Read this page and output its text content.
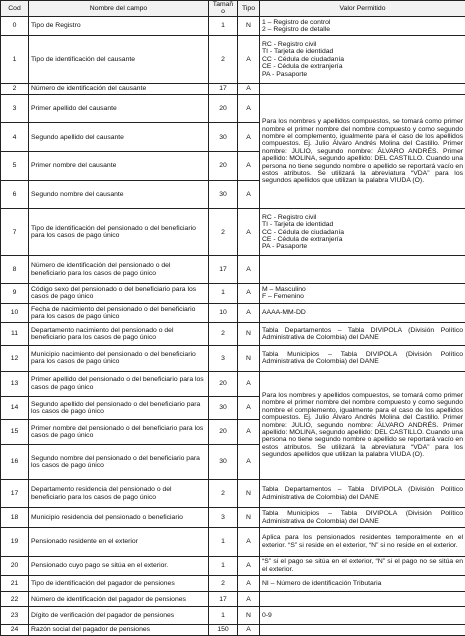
Cod	Nombre del campo	Tamaño	Tipo	Valor Permitido
0	Tipo de Registro	1	N	1 – Registro de control
2 – Registro de detalle

1	Tipo de identificación del causante	2	A	RC - Registro civil
TI - Tarjeta de identidad
CC - Cédula de ciudadanía
CE - Cédula de extranjería
PA - Pasaporte

2	Número de identificación del causante	17	A	
3	Primer apellido del causante	20	A	Para los nombres y apellidos compuestos, se tomará como primer nombre el primer nombre del nombre compuesto y como segundo nombre el complemento, igualmente para el caso de los apellidos compuestos. Ej. Julio Álvaro Andrés Molina del Castillo. Primer nombre: JULIO, segundo nombre: ÁLVARO ANDRÉS. Primer apellido: MOLINA, segundo apellido: DEL CASTILLO. Cuando una persona no tiene segundo nombre o apellido se reportará vacío en estos atributos. Se utilizará la abreviatura “VDA” para los segundos apellidos que utilizan la palabra VIUDA (O).
4	Segundo apellido del causante	30	A	
5	Primer nombre del causante	20	A	
6	Segundo nombre del causante	30	A	
7	Tipo de identificación del pensionado o del beneficiario para los casos de pago único	2	A	RC - Registro civil
TI - Tarjeta de identidad
CC - Cédula de ciudadanía
CE - Cédula de extranjería
PA - Pasaporte

8	Número de identificación del pensionado o del beneficiario para los casos de pago único	17	A	
9	Código sexo del pensionado o del beneficiario para los casos de pago único	1	A	M – Masculino
F – Femenino

10	Fecha de nacimiento del pensionado o del beneficiario para los casos de pago único	10	A	AAAA-MM-DD
11	Departamento nacimiento del pensionado o del beneficiario para los casos de pago único	2	N	Tabla Departamentos – Tabla DIVIPOLA (División Político Administrativa de Colombia) del DANE
12	Municipio nacimiento del pensionado o del beneficiario para los casos de pago único	3	N	Tabla Municipios – Tabla DIVIPOLA (División Político Administrativa de Colombia) del DANE
13	Primer apellido del pensionado o del beneficiario para los casos de pago único	20	A	Para los nombres y apellidos compuestos, se tomará como primer nombre el primer nombre del nombre compuesto y como segundo nombre el complemento, igualmente para el caso de los apellidos compuestos. Ej. Julio Álvaro Andrés Molina del Castillo. Primer nombre: JULIO, segundo nombre: ÁLVARO ANDRÉS. Primer apellido: MOLINA, segundo apellido: DEL CASTILLO. Cuando una persona no tiene segundo nombre o apellido se reportará vacío en estos atributos. Se utilizará la abreviatura “VDA” para los segundos apellidos que utilizan la palabra VIUDA (O).
14	Segundo apellido del pensionado o del beneficiario para los casos de pago único	30	A	
15	Primer nombre del pensionado o del beneficiario para los casos de pago único	20	A	
16	Segundo nombre del pensionado o del beneficiario para los casos de pago único	30	A	
17	Departamento residencia del pensionado o del beneficiario para los casos de pago único	2	N	Tabla Departamentos – Tabla DIVIPOLA (División Político Administrativa de Colombia) del DANE
18	Municipio residencia del pensionado o beneficiario	3	N	Tabla Municipios – Tabla DIVIPOLA (División Político Administrativa de Colombia) del DANE
19	Pensionado residente en el exterior	1	A	Aplica para los pensionados residentes temporalmente en el exterior. “S” si reside en el exterior, “N” si no reside en el exterior.
20	Pensionado cuyo pago se sitúa en el exterior.	1	A	“S” si el pago se sitúa en el exterior, “N” si el pago no se sitúa en el exterior.
21	Tipo de identificación del pagador de pensiones	2	A	NI – Número de identificación Tributaria
22	Número de identificación del pagador de pensiones	17	A	
23	Dígito de verificación del pagador de pensiones	1	N	0-9
24	Razón social del pagador de pensiones	150	A	
